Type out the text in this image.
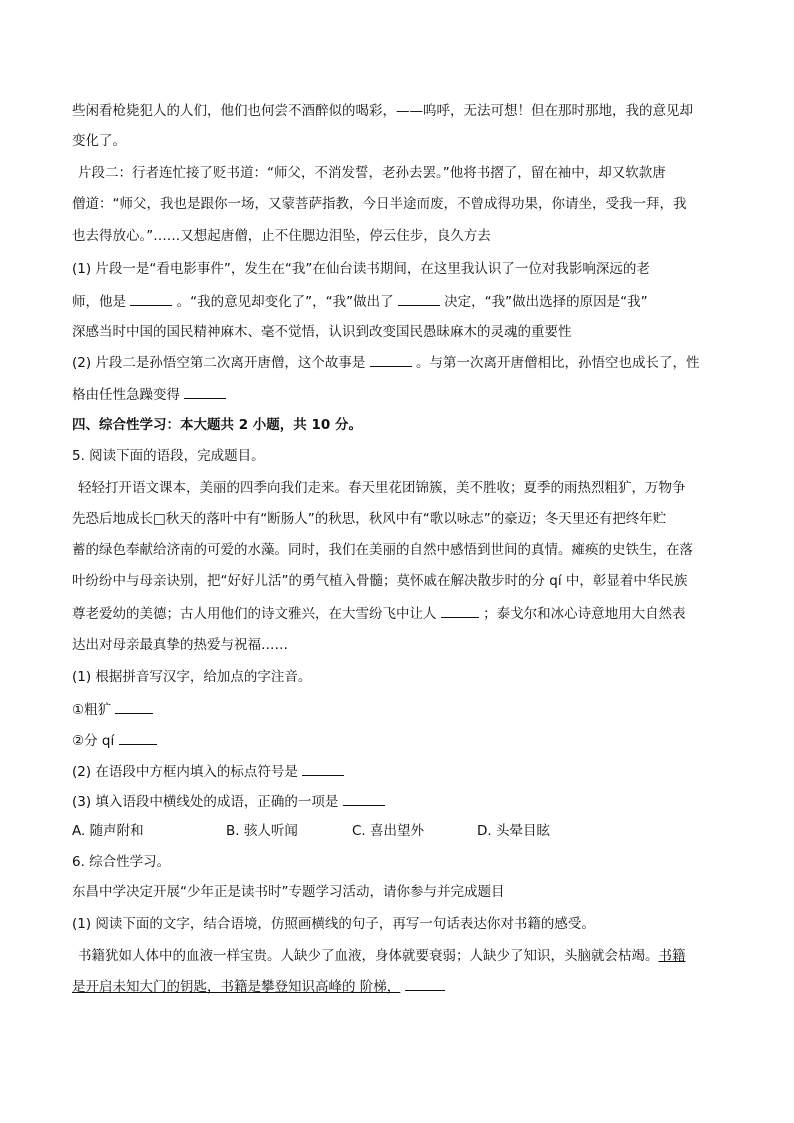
些闲看枪毙犯人的人们，他们也何尝不酒醉似的喝彩，——呜呼，无法可想！但在那时那地，我的意见却
变化了。
片段二：行者连忙接了贬书道：“师父，不消发誓，老孙去罢。”他将书摺了，留在袖中，却又软款唐
僧道：“师父，我也是跟你一场，又蒙菩萨指教，今日半途而废，不曾成得功果，你请坐，受我一拜，我
也去得放心。”……又想起唐僧，止不住腮边泪坠，停云住步，良久方去
(1) 片段一是“看电影事件”，发生在“我”在仙台读书期间，在这里我认识了一位对我影响深远的老
师，他是	。“我的意见却变化了”，“我”做出了	决定，“我”做出选择的原因是“我”
深感当时中国的国民精神麻木、毫不觉悟，认识到改变国民愚昧麻木的灵魂的重要性
(2) 片段二是孙悟空第二次离开唐僧，这个故事是	。与第一次离开唐僧相比，孙悟空也成长了，性
格由任性急躁变得
四、综合性学习：本大题共 2 小题，共 10 分。
5. 阅读下面的语段，完成题目。
轻轻打开语文课本，美丽的四季向我们走来。春天里花团锦簇，美不胜收；夏季的雨热烈粗犷，万物争
先恐后地成长□秋天的落叶中有“断肠人”的秋思，秋风中有“歌以咏志”的豪迈；冬天里还有把终年贮
蓄的绿色奉献给济南的可爱的水藻。同时，我们在美丽的自然中感悟到世间的真情。瘫痪的史铁生，在落
叶纷纷中与母亲诀别，把“好好儿活”的勇气植入骨髓；莫怀戚在解决散步时的分 qí 中，彰显着中华民族
尊老爱幼的美德；古人用他们的诗文雅兴，在大雪纷飞中让人	；泰戈尔和冰心诗意地用大自然表
达出对母亲最真挚的热爱与祝福……
(1) 根据拼音写汉字，给加点的字注音。
①粗犷
②分 qí
(2) 在语段中方框内填入的标点符号是
(3) 填入语段中横线处的成语，正确的一项是
A. 随声附和	B. 骇人听闻	C. 喜出望外	D. 头晕目眩
6. 综合性学习。
东昌中学决定开展“少年正是读书时”专题学习活动，请你参与并完成题目
(1) 阅读下面的文字，结合语境，仿照画横线的句子，再写一句话表达你对书籍的感受。
书籍犹如人体中的血液一样宝贵。人缺少了血液，身体就要衰弱；人缺少了知识，头脑就会枯竭。书籍
是开启未知大门的钥匙，书籍是攀登知识高峰的 阶梯，
